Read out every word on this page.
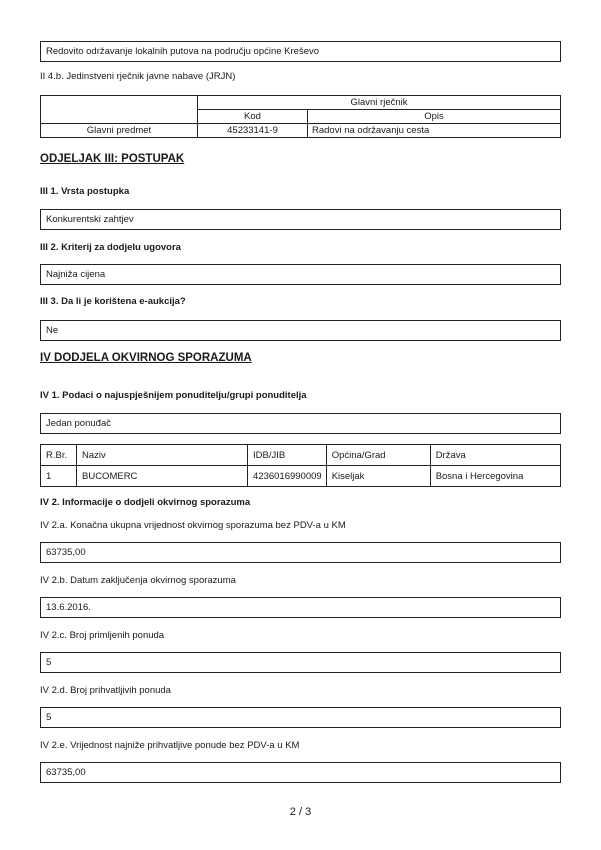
Redovito održavanje lokalnih putova na području općine Kreševo
II 4.b. Jedinstveni rječnik javne nabave (JRJN)
	Glavni rječnik	
	Kod	Opis
Glavni predmet	45233141-9	Radovi na održavanju cesta
ODJELJAK III: POSTUPAK
III 1. Vrsta postupka
Konkurentski zahtjev
III 2. Kriterij za dodjelu ugovora
Najniža cijena
III 3. Da li je korištena e-aukcija?
Ne
IV DODJELA OKVIRNOG SPORAZUMA
IV 1. Podaci o najuspješnijem ponuditelju/grupi ponuditelja
Jedan ponuđač
R.Br.	Naziv	IDB/JIB	Općina/Grad	Država
1	BUCOMERC	4236016990009	Kiseljak	Bosna i Hercegovina
IV 2. Informacije o dodjeli okvirnog sporazuma
IV 2.a. Konačna ukupna vrijednost okvirnog sporazuma bez PDV-a u KM
63735,00
IV 2.b. Datum zaključenja okvirnog sporazuma
13.6.2016.
IV 2.c. Broj primljenih ponuda
5
IV 2.d. Broj prihvatljivih ponuda
5
IV 2.e. Vrijednost najniže prihvatljive ponude bez PDV-a u KM
63735,00
2 / 3
